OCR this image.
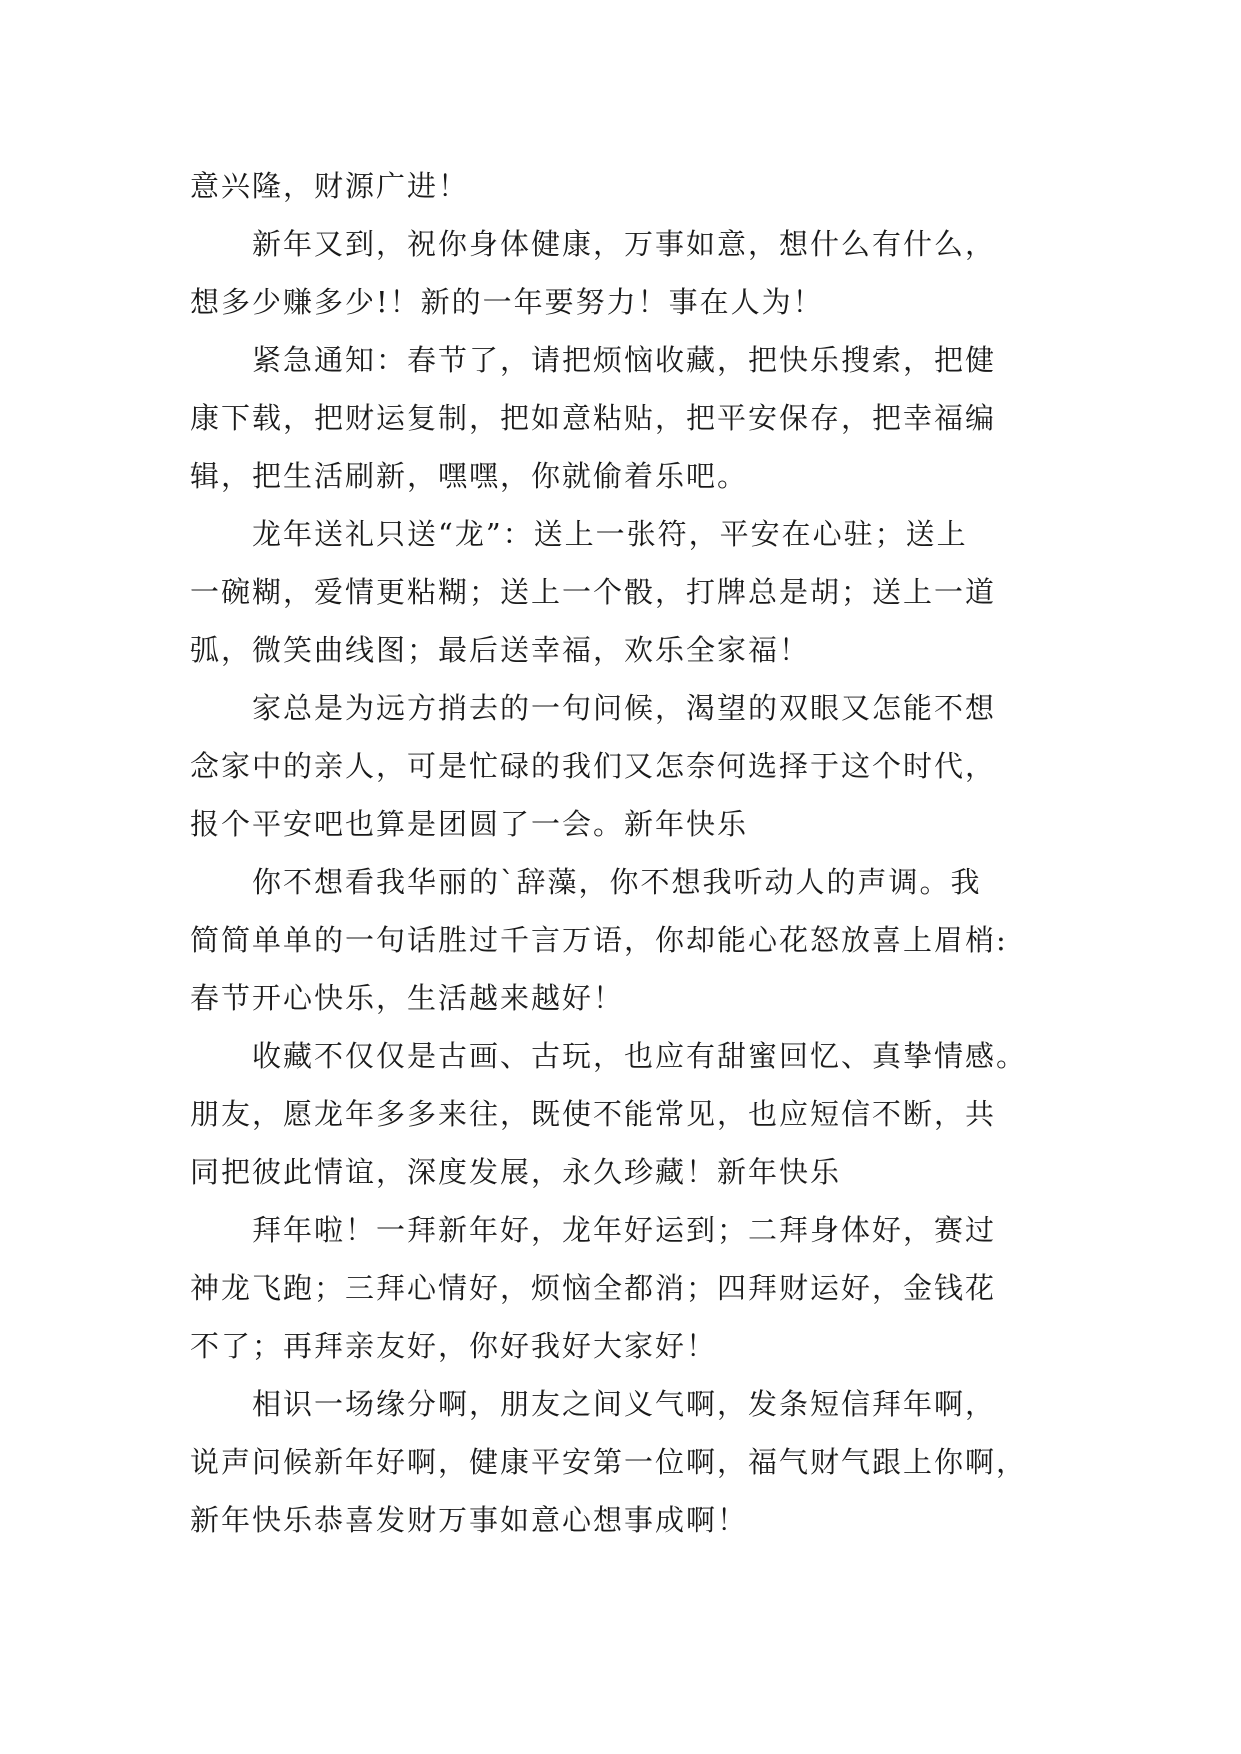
意兴隆，财源广进！
新年又到，祝你身体健康，万事如意，想什么有什么，
想多少赚多少!！新的一年要努力！事在人为！
紧急通知：春节了，请把烦恼收藏，把快乐搜索，把健
康下载，把财运复制，把如意粘贴，把平安保存，把幸福编
辑，把生活刷新，嘿嘿，你就偷着乐吧。
龙年送礼只送“龙”：送上一张符，平安在心驻；送上
一碗糊，爱情更粘糊；送上一个骰，打牌总是胡；送上一道
弧，微笑曲线图；最后送幸福，欢乐全家福！
家总是为远方捎去的一句问候，渴望的双眼又怎能不想
念家中的亲人，可是忙碌的我们又怎奈何选择于这个时代，
报个平安吧也算是团圆了一会。新年快乐
你不想看我华丽的`辞藻，你不想我听动人的声调。我
简简单单的一句话胜过千言万语，你却能心花怒放喜上眉梢:
春节开心快乐，生活越来越好！
收藏不仅仅是古画、古玩，也应有甜蜜回忆、真挚情感。
朋友，愿龙年多多来往，既使不能常见，也应短信不断，共
同把彼此情谊，深度发展，永久珍藏！新年快乐
拜年啦！一拜新年好，龙年好运到；二拜身体好，赛过
神龙飞跑；三拜心情好，烦恼全都消；四拜财运好，金钱花
不了；再拜亲友好，你好我好大家好！
相识一场缘分啊，朋友之间义气啊，发条短信拜年啊，
说声问候新年好啊，健康平安第一位啊，福气财气跟上你啊，
新年快乐恭喜发财万事如意心想事成啊！
